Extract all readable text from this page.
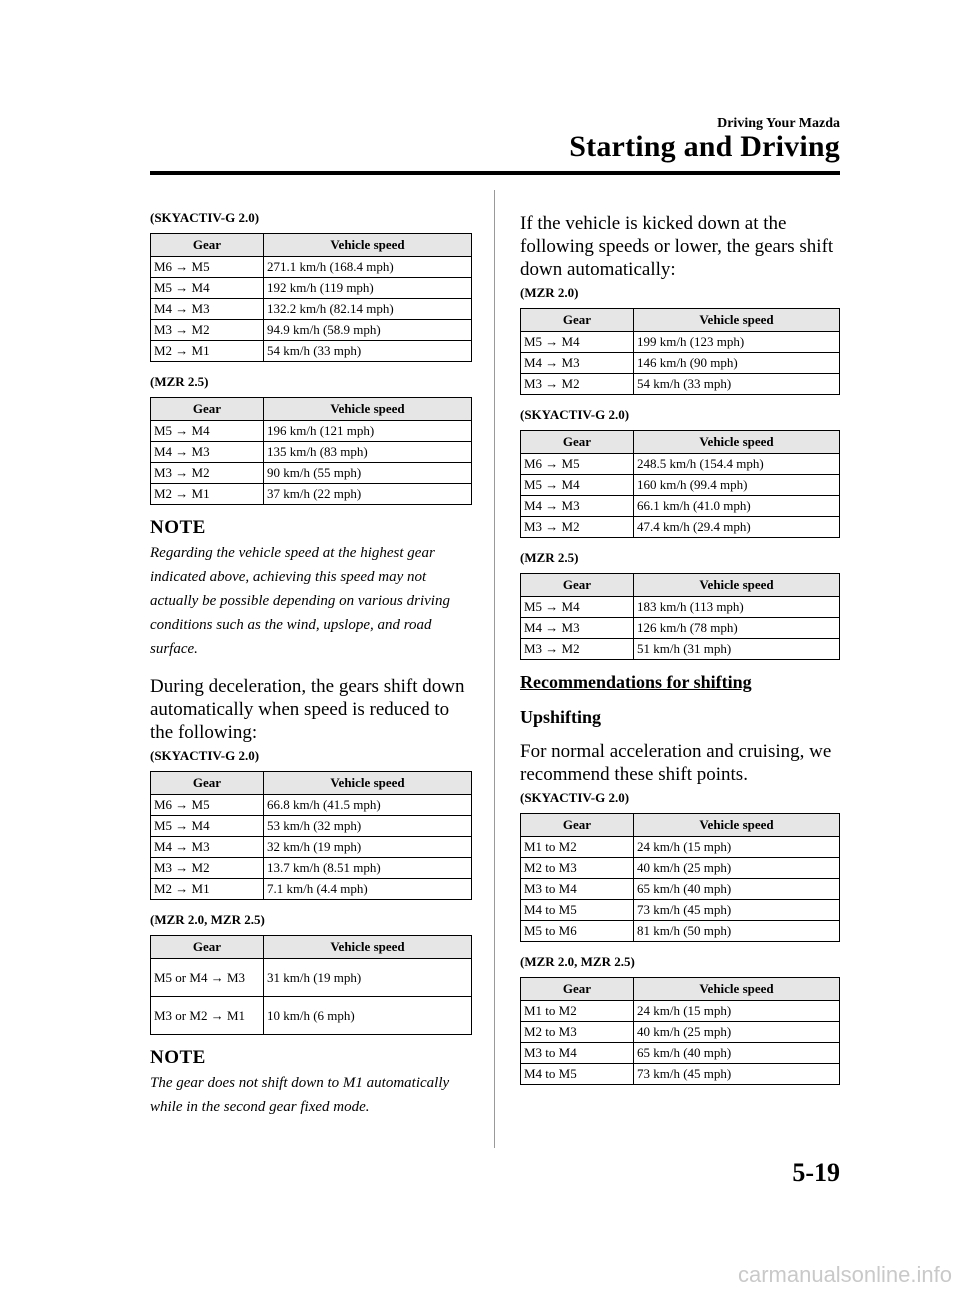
Driving Your Mazda
Starting and Driving
(SKYACTIV-G 2.0)
Gear	Vehicle speed
M6 → M5	271.1 km/h (168.4 mph)
M5 → M4	192 km/h (119 mph)
M4 → M3	132.2 km/h (82.14 mph)
M3 → M2	94.9 km/h (58.9 mph)
M2 → M1	54 km/h (33 mph)
(MZR 2.5)
Gear	Vehicle speed
M5 → M4	196 km/h (121 mph)
M4 → M3	135 km/h (83 mph)
M3 → M2	90 km/h (55 mph)
M2 → M1	37 km/h (22 mph)
NOTE
Regarding the vehicle speed at the highest gear indicated above, achieving this speed may not actually be possible depending on various driving conditions such as the wind, upslope, and road surface.
During deceleration, the gears shift down automatically when speed is reduced to the following:
(SKYACTIV-G 2.0)
Gear	Vehicle speed
M6 → M5	66.8 km/h (41.5 mph)
M5 → M4	53 km/h (32 mph)
M4 → M3	32 km/h (19 mph)
M3 → M2	13.7 km/h (8.51 mph)
M2 → M1	7.1 km/h (4.4 mph)
(MZR 2.0, MZR 2.5)
Gear	Vehicle speed
M5 or M4 → M3	31 km/h (19 mph)
M3 or M2 → M1	10 km/h (6 mph)
NOTE
The gear does not shift down to M1 automatically while in the second gear fixed mode.
If the vehicle is kicked down at the following speeds or lower, the gears shift down automatically:
(MZR 2.0)
Gear	Vehicle speed
M5 → M4	199 km/h (123 mph)
M4 → M3	146 km/h (90 mph)
M3 → M2	54 km/h (33 mph)
(SKYACTIV-G 2.0)
Gear	Vehicle speed
M6 → M5	248.5 km/h (154.4 mph)
M5 → M4	160 km/h (99.4 mph)
M4 → M3	66.1 km/h (41.0 mph)
M3 → M2	47.4 km/h (29.4 mph)
(MZR 2.5)
Gear	Vehicle speed
M5 → M4	183 km/h (113 mph)
M4 → M3	126 km/h (78 mph)
M3 → M2	51 km/h (31 mph)
Recommendations for shifting
Upshifting
For normal acceleration and cruising, we recommend these shift points.
(SKYACTIV-G 2.0)
Gear	Vehicle speed
M1 to M2	24 km/h (15 mph)
M2 to M3	40 km/h (25 mph)
M3 to M4	65 km/h (40 mph)
M4 to M5	73 km/h (45 mph)
M5 to M6	81 km/h (50 mph)
(MZR 2.0, MZR 2.5)
Gear	Vehicle speed
M1 to M2	24 km/h (15 mph)
M2 to M3	40 km/h (25 mph)
M3 to M4	65 km/h (40 mph)
M4 to M5	73 km/h (45 mph)
5-19
carmanualsonline.info
